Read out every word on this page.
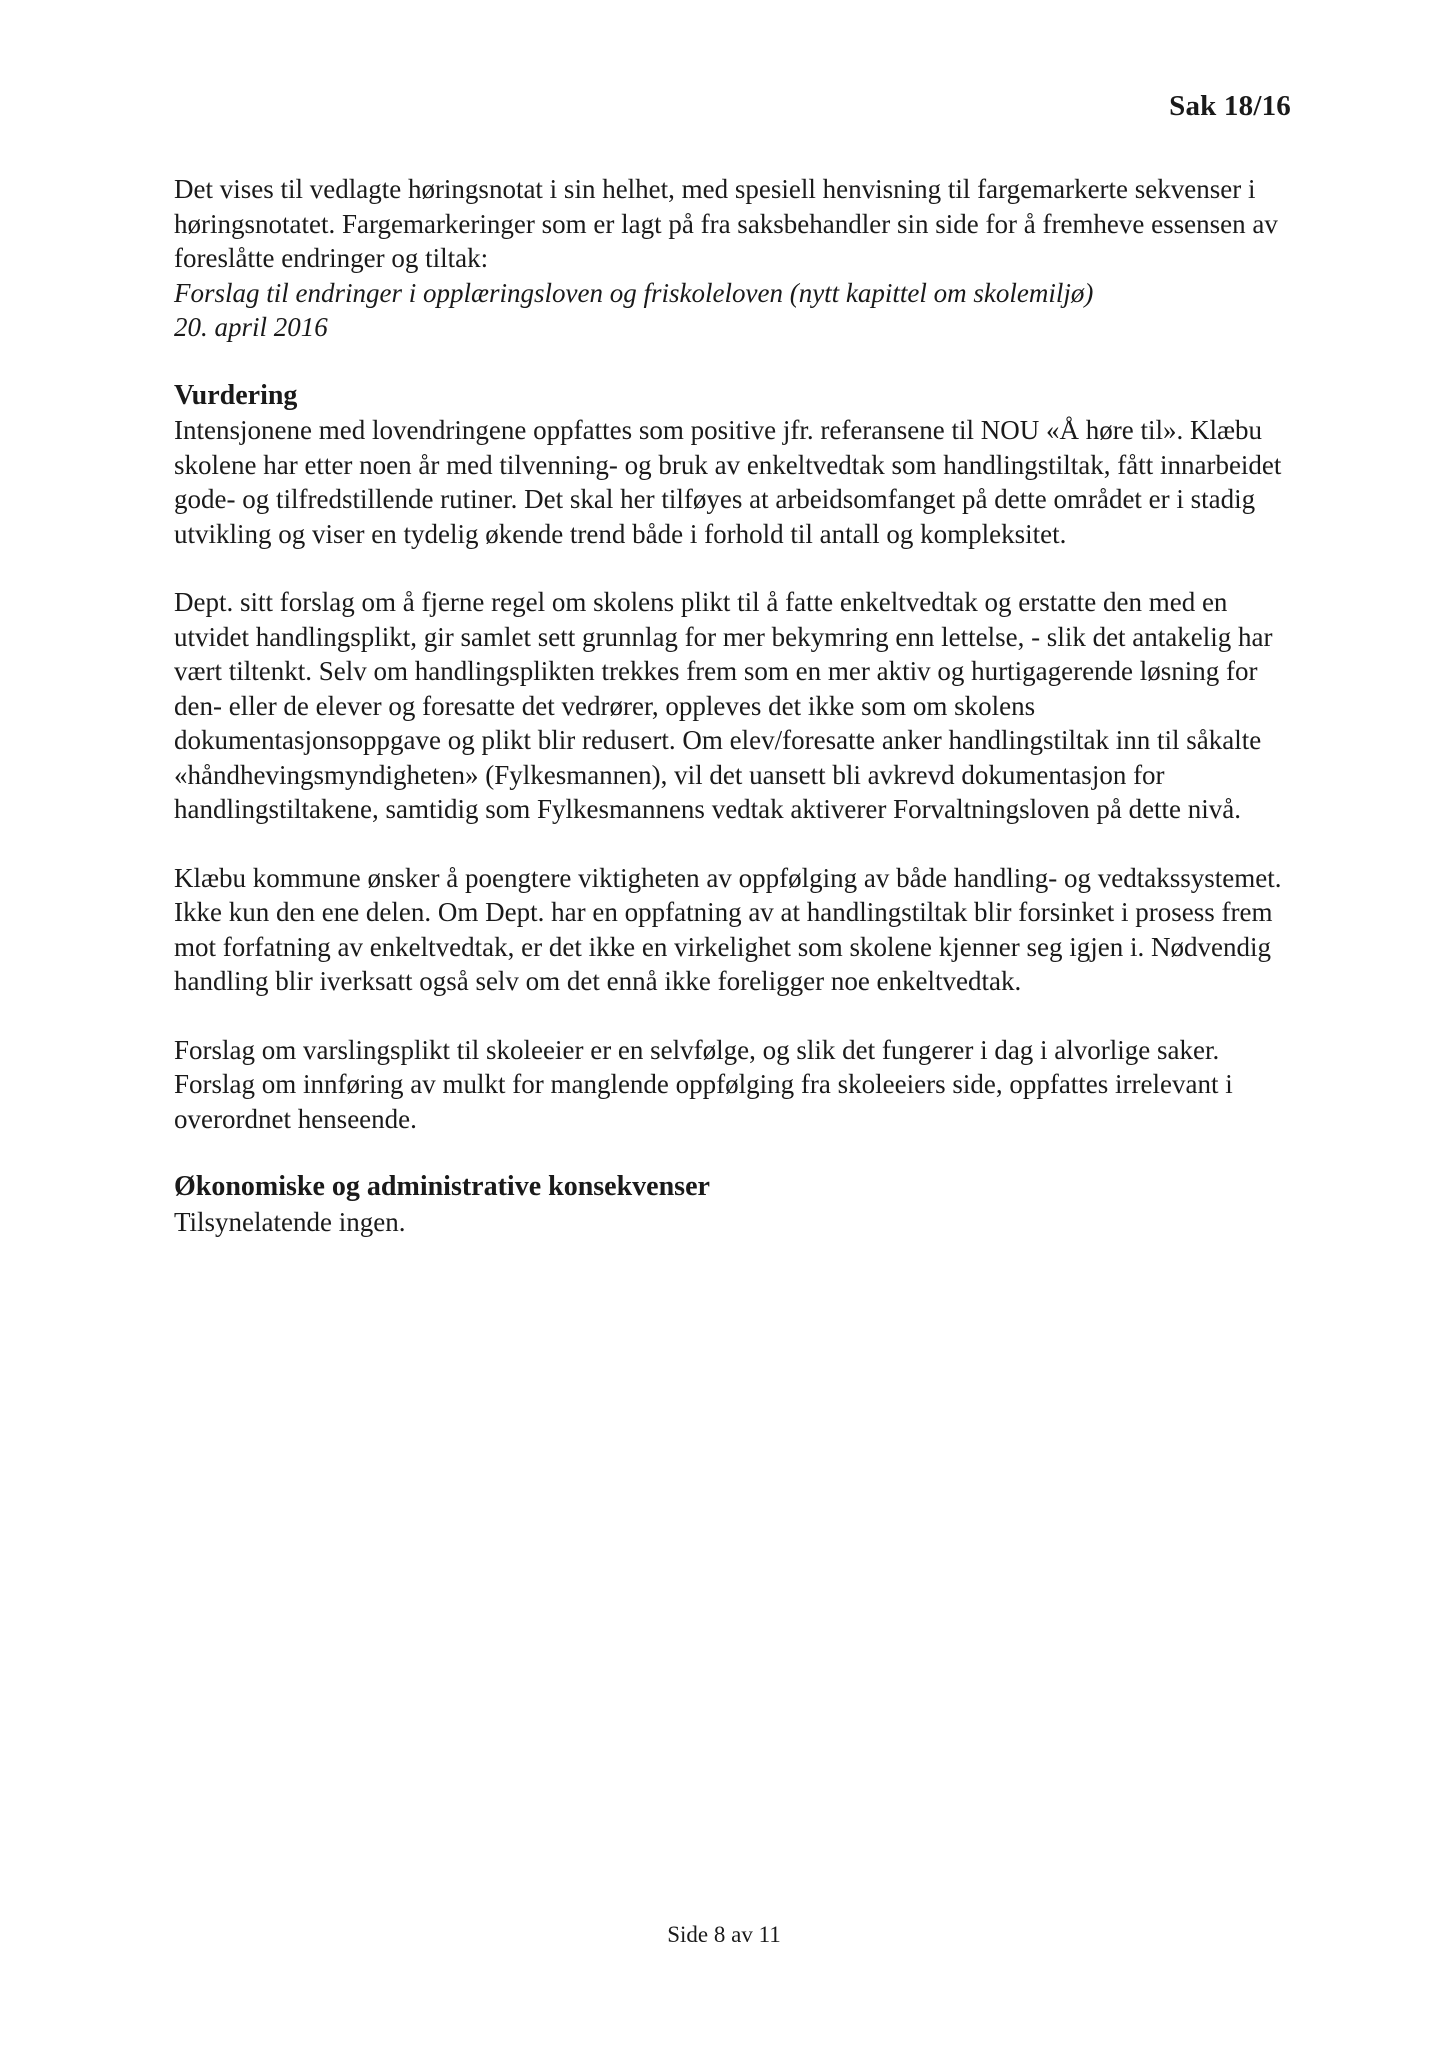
Sak 18/16

Det vises til vedlagte høringsnotat i sin helhet, med spesiell henvisning til fargemarkerte sekvenser i høringsnotatet. Fargemarkeringer som er lagt på fra saksbehandler sin side for å fremheve essensen av foreslåtte endringer og tiltak:

Forslag til endringer i opplæringsloven og friskoleloven (nytt kapittel om skolemiljø)

20. april 2016

Vurdering

Intensjonene med lovendringene oppfattes som positive jfr. referansene til NOU «Å høre til». Klæbu skolene har etter noen år med tilvenning- og bruk av enkeltvedtak som handlingstiltak, fått innarbeidet gode- og tilfredstillende rutiner. Det skal her tilføyes at arbeidsomfanget på dette området er i stadig utvikling og viser en tydelig økende trend både i forhold til antall og kompleksitet.

Dept. sitt forslag om å fjerne regel om skolens plikt til å fatte enkeltvedtak og erstatte den med en utvidet handlingsplikt, gir samlet sett grunnlag for mer bekymring enn lettelse, - slik det antakelig har vært tiltenkt. Selv om handlingsplikten trekkes frem som en mer aktiv og hurtigagerende løsning for den- eller de elever og foresatte det vedrører, oppleves det ikke som om skolens dokumentasjonsoppgave og plikt blir redusert. Om elev/foresatte anker handlingstiltak inn til såkalte «håndhevingsmyndigheten» (Fylkesmannen), vil det uansett bli avkrevd dokumentasjon for handlingstiltakene, samtidig som Fylkesmannens vedtak aktiverer Forvaltningsloven på dette nivå.

Klæbu kommune ønsker å poengtere viktigheten av oppfølging av både handling- og vedtakssystemet. Ikke kun den ene delen. Om Dept. har en oppfatning av at handlingstiltak blir forsinket i prosess frem mot forfatning av enkeltvedtak, er det ikke en virkelighet som skolene kjenner seg igjen i. Nødvendig handling blir iverksatt også selv om det ennå ikke foreligger noe enkeltvedtak.

Forslag om varslingsplikt til skoleeier er en selvfølge, og slik det fungerer i dag i alvorlige saker.

Forslag om innføring av mulkt for manglende oppfølging fra skoleeiers side, oppfattes irrelevant i overordnet henseende.

Økonomiske og administrative konsekvenser

Tilsynelatende ingen.

Side 8 av 11
